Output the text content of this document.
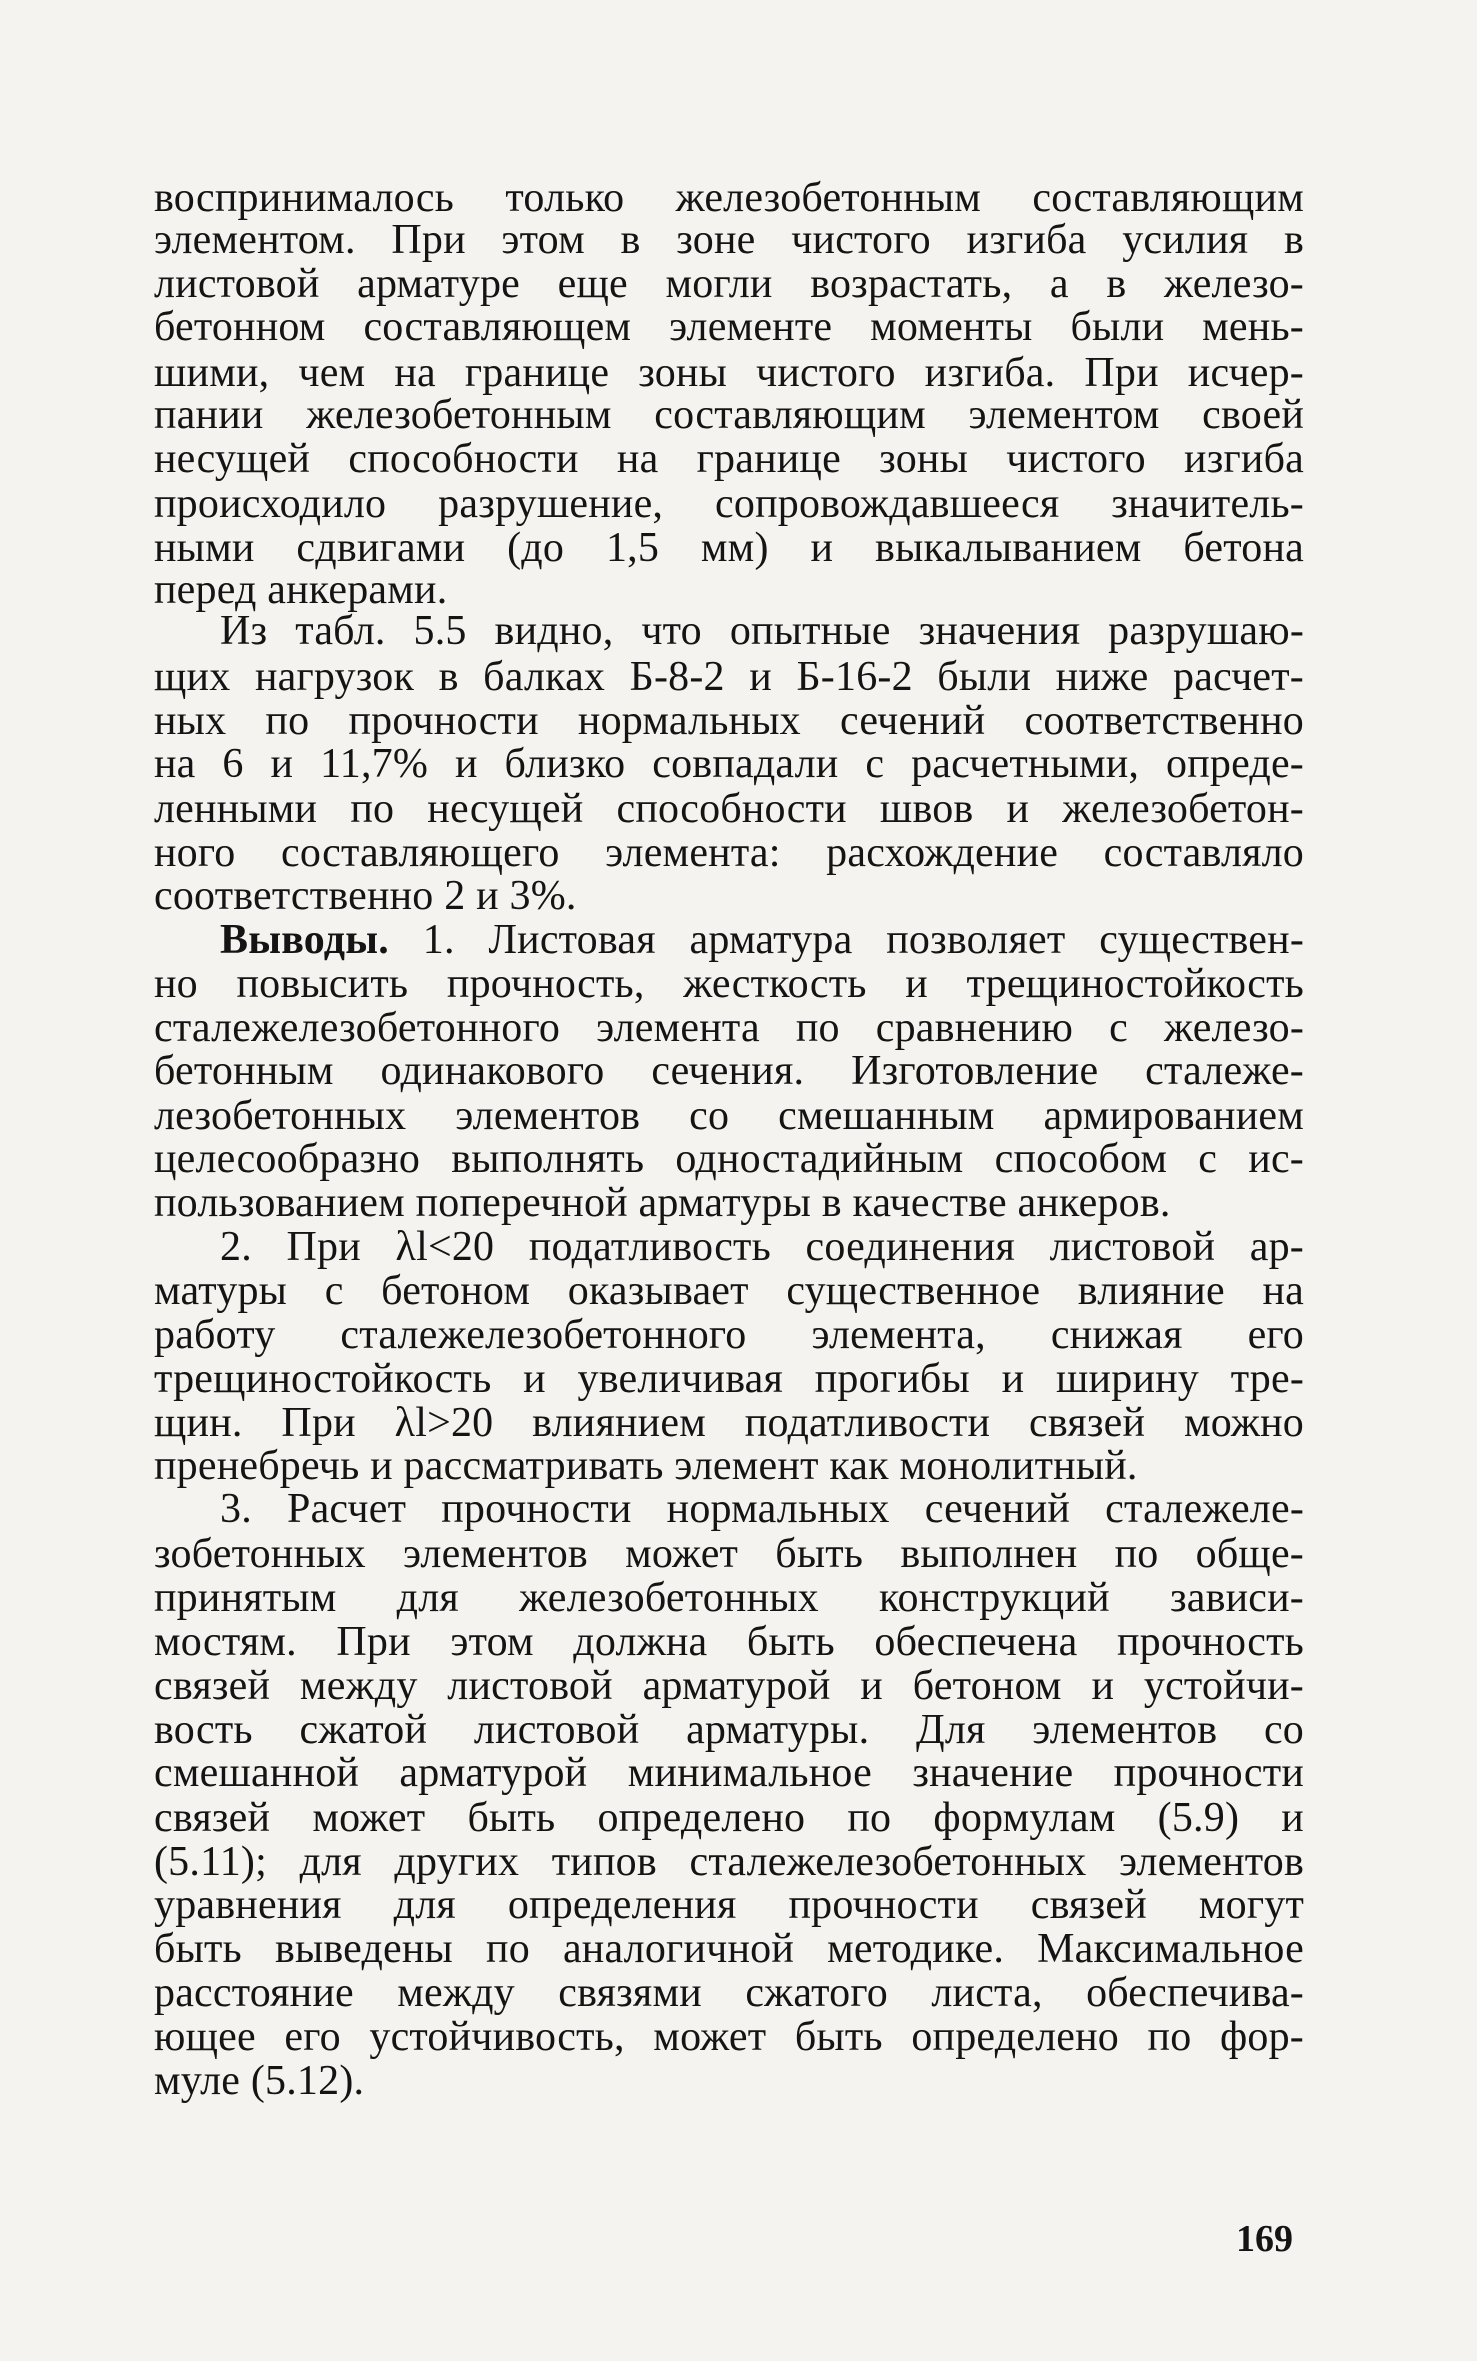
воспринималось только железобетонным составляющим
элементом. При этом в зоне чистого изгиба усилия в
листовой арматуре еще могли возрастать, а в железо-
бетонном составляющем элементе моменты были мень-
шими, чем на границе зоны чистого изгиба. При исчер-
пании железобетонным составляющим элементом своей
несущей способности на границе зоны чистого изгиба
происходило разрушение, сопровождавшееся значитель-
ными сдвигами (до 1,5 мм) и выкалыванием бетона
перед анкерами.
Из табл. 5.5 видно, что опытные значения разрушаю-
щих нагрузок в балках Б-8-2 и Б-16-2 были ниже расчет-
ных по прочности нормальных сечений соответственно
на 6 и 11,7% и близко совпадали с расчетными, опреде-
ленными по несущей способности швов и железобетон-
ного составляющего элемента: расхождение составляло
соответственно 2 и 3%.
Выводы. 1. Листовая арматура позволяет существен-
но повысить прочность, жесткость и трещиностойкость
сталежелезобетонного элемента по сравнению с железо-
бетонным одинакового сечения. Изготовление сталеже-
лезобетонных элементов со смешанным армированием
целесообразно выполнять одностадийным способом с ис-
пользованием поперечной арматуры в качестве анкеров.
2. При λl<20 податливость соединения листовой ар-
матуры с бетоном оказывает существенное влияние на
работу сталежелезобетонного элемента, снижая его
трещиностойкость и увеличивая прогибы и ширину тре-
щин. При λl>20 влиянием податливости связей можно
пренебречь и рассматривать элемент как монолитный.
3. Расчет прочности нормальных сечений сталежеле-
зобетонных элементов может быть выполнен по обще-
принятым для железобетонных конструкций зависи-
мостям. При этом должна быть обеспечена прочность
связей между листовой арматурой и бетоном и устойчи-
вость сжатой листовой арматуры. Для элементов со
смешанной арматурой минимальное значение прочности
связей может быть определено по формулам (5.9) и
(5.11); для других типов сталежелезобетонных элементов
уравнения для определения прочности связей могут
быть выведены по аналогичной методике. Максимальное
расстояние между связями сжатого листа, обеспечива-
ющее его устойчивость, может быть определено по фор-
муле (5.12).
169
